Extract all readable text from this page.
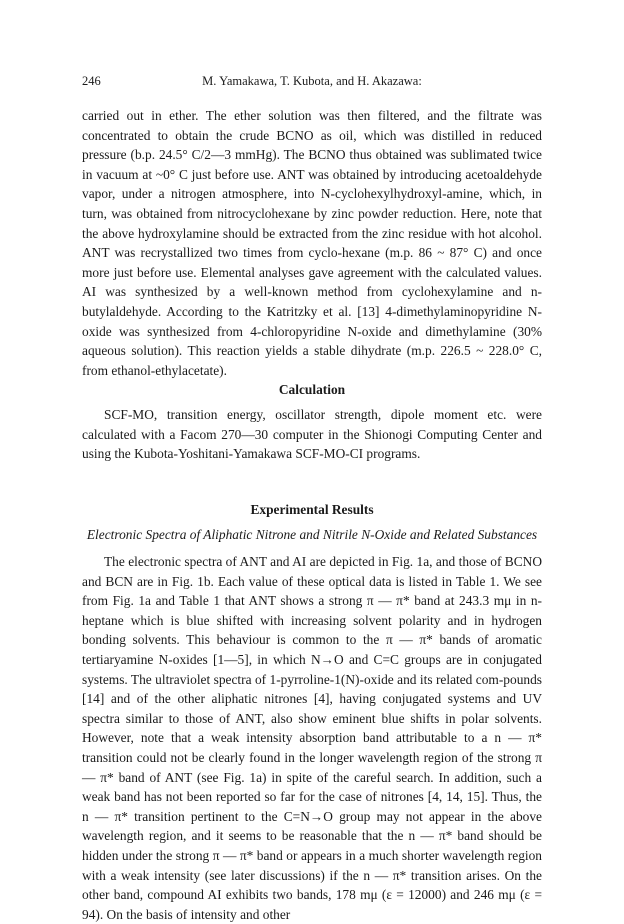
246	M. Yamakawa, T. Kubota, and H. Akazawa:

carried out in ether. The ether solution was then filtered, and the filtrate was concentrated to obtain the crude BCNO as oil, which was distilled in reduced pressure (b.p. 24.5° C/2—3 mmHg). The BCNO thus obtained was sublimated twice in vacuum at ~0° C just before use. ANT was obtained by introducing acetoaldehyde vapor, under a nitrogen atmosphere, into N-cyclohexylhydroxyl-amine, which, in turn, was obtained from nitrocyclohexane by zinc powder reduction. Here, note that the above hydroxylamine should be extracted from the zinc residue with hot alcohol. ANT was recrystallized two times from cyclo-hexane (m.p. 86 ~ 87° C) and once more just before use. Elemental analyses gave agreement with the calculated values. AI was synthesized by a well-known method from cyclohexylamine and n-butylaldehyde. According to the Katritzky et al. [13] 4-dimethylaminopyridine N-oxide was synthesized from 4-chloropyridine N-oxide and dimethylamine (30% aqueous solution). This reaction yields a stable dihydrate (m.p. 226.5 ~ 228.0° C, from ethanol-ethylacetate).

Calculation

SCF-MO, transition energy, oscillator strength, dipole moment etc. were calculated with a Facom 270—30 computer in the Shionogi Computing Center and using the Kubota-Yoshitani-Yamakawa SCF-MO-CI programs.

Experimental Results
Electronic Spectra of Aliphatic Nitrone and Nitrile N-Oxide and Related Substances

The electronic spectra of ANT and AI are depicted in Fig. 1a, and those of BCNO and BCN are in Fig. 1b. Each value of these optical data is listed in Table 1. We see from Fig. 1a and Table 1 that ANT shows a strong π — π* band at 243.3 mμ in n-heptane which is blue shifted with increasing solvent polarity and in hydrogen bonding solvents. This behaviour is common to the π — π* bands of aromatic tertiaryamine N-oxides [1—5], in which N→O and C=C groups are in conjugated systems. The ultraviolet spectra of 1-pyrroline-1(N)-oxide and its related com-pounds [14] and of the other aliphatic nitrones [4], having conjugated systems and UV spectra similar to those of ANT, also show eminent blue shifts in polar solvents. However, note that a weak intensity absorption band attributable to a n — π* transition could not be clearly found in the longer wavelength region of the strong π — π* band of ANT (see Fig. 1a) in spite of the careful search. In addition, such a weak band has not been reported so far for the case of nitrones [4, 14, 15]. Thus, the n — π* transition pertinent to the C=N→O group may not appear in the above wavelength region, and it seems to be reasonable that the n — π* band should be hidden under the strong π — π* band or appears in a much shorter wavelength region with a weak intensity (see later discussions) if the n — π* transition arises. On the other band, compound AI exhibits two bands, 178 mμ (ε = 12000) and 246 mμ (ε = 94). On the basis of intensity and other
